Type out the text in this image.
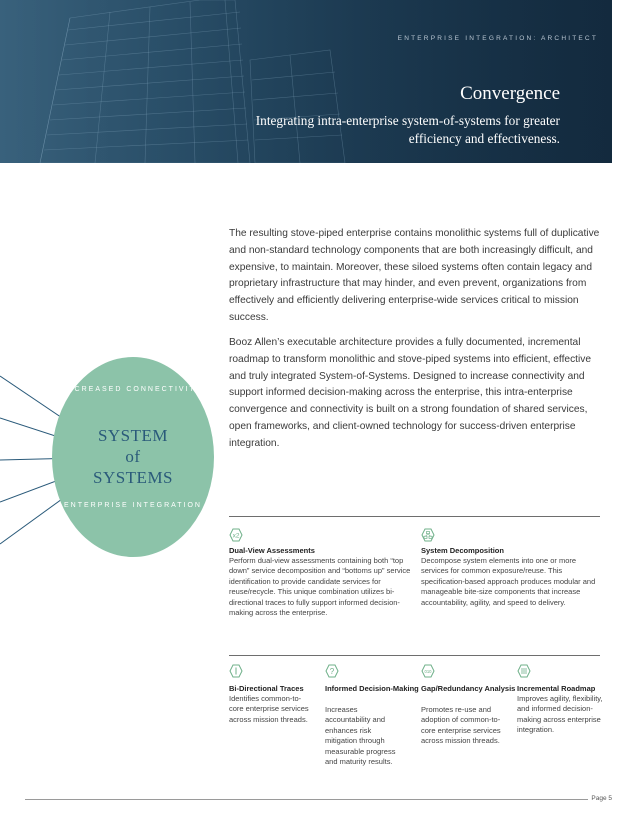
ENTERPRISE INTEGRATION: ARCHITECT
Convergence
Integrating intra-enterprise system-of-systems for greater efficiency and effectiveness.
INCREASED CONNECTIVITY
SYSTEM
of
SYSTEMS
ENTERPRISE INTEGRATION

The resulting stove-piped enterprise contains monolithic systems full of duplicative and non-standard technology components that are both increasingly difficult, and expensive, to maintain. Moreover, these siloed systems often contain legacy and proprietary infrastructure that may hinder, and even prevent, organizations from effectively and efficiently delivering enterprise-wide services critical to mission success.

Booz Allen’s executable architecture provides a fully documented, incremental roadmap to transform monolithic and stove-piped systems into efficient, effective and truly integrated System-of-Systems. Designed to increase connectivity and support informed decision-making across the enterprise, this intra-enterprise convergence and connectivity is built on a strong foundation of shared services, open frameworks, and client-owned technology for success-driven enterprise integration.

x2
Dual-View Assessments

Perform dual-view assessments containing both “top down” service decomposition and “bottoms up” service identification to provide candidate services for reuse/recycle. This unique combination utilizes bi-directional traces to fully support informed decision-making across the enterprise.

System Decomposition

Decompose system elements into one or more services for common exposure/reuse. This specification-based approach produces modular and manageable bite-size components that increase accountability, agility, and speed to delivery.

Bi-Directional Traces

Identifies common-to-core enterprise services across mission threads.

?
Informed Decision-Making

Increases accountability and enhances risk mitigation through measurable progress and maturity results.

010
Gap/Redundancy Analysis

Promotes re-use and adoption of common-to-core enterprise services across mission threads.

Incremental Roadmap

Improves agility, flexibility, and informed decision-making across enterprise integration.

Page 5
